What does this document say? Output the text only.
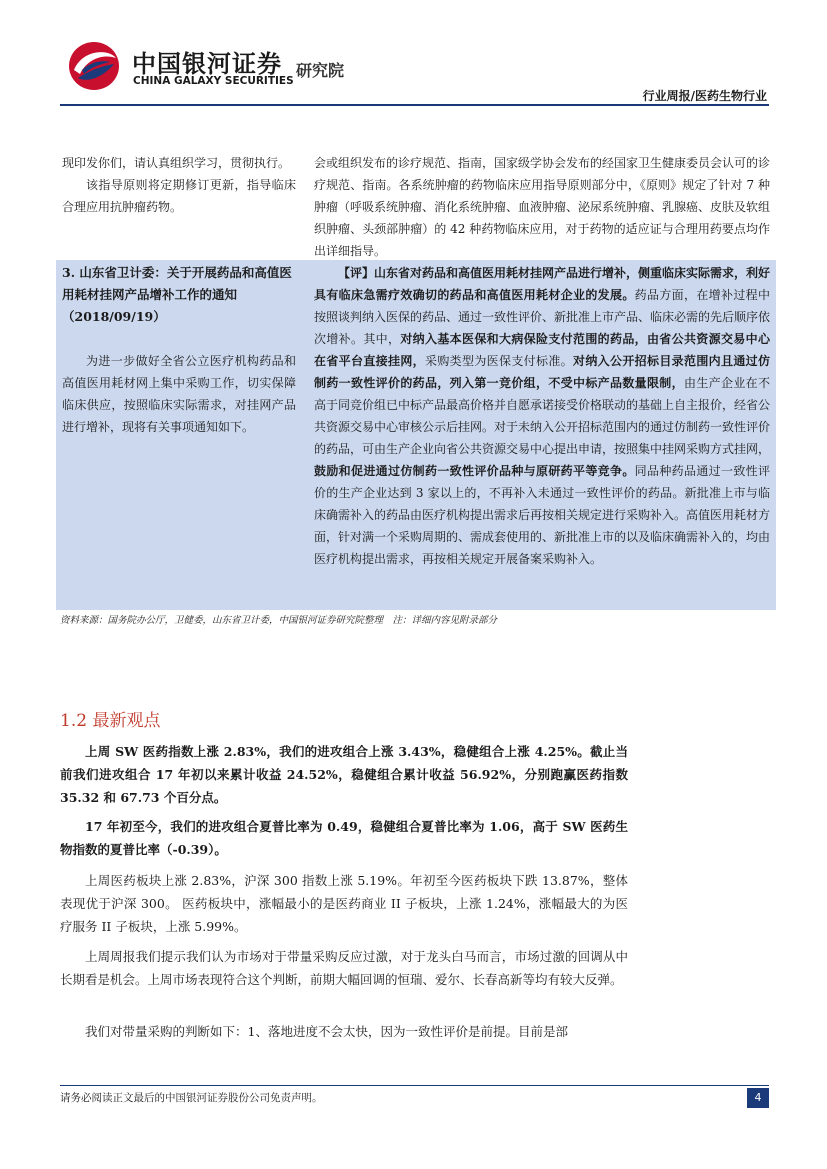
中国银河证券
CHINA GALAXY SECURITIES
研究院
行业周报/医药生物行业

现印发你们，请认真组织学习，贯彻执行。

该指导原则将定期修订更新，指导临床合理应用抗肿瘤药物。

会或组织发布的诊疗规范、指南，国家级学协会发布的经国家卫生健康委员会认可的诊疗规范、指南。各系统肿瘤的药物临床应用指导原则部分中，《原则》规定了针对 7 种肿瘤（呼吸系统肿瘤、消化系统肿瘤、血液肿瘤、泌尿系统肿瘤、乳腺癌、皮肤及软组织肿瘤、头颈部肿瘤）的 42 种药物临床应用，对于药物的适应证与合理用药要点均作出详细指导。

3. 山东省卫计委：关于开展药品和高值医用耗材挂网产品增补工作的通知（2018/09/19）

为进一步做好全省公立医疗机构药品和高值医用耗材网上集中采购工作，切实保障临床供应，按照临床实际需求，对挂网产品进行增补，现将有关事项通知如下。

【评】山东省对药品和高值医用耗材挂网产品进行增补，侧重临床实际需求，利好具有临床急需疗效确切的药品和高值医用耗材企业的发展。药品方面，在增补过程中按照谈判纳入医保的药品、通过一致性评价、新批准上市产品、临床必需的先后顺序依次增补。其中，对纳入基本医保和大病保险支付范围的药品，由省公共资源交易中心在省平台直接挂网，采购类型为医保支付标准。对纳入公开招标目录范围内且通过仿制药一致性评价的药品，列入第一竞价组，不受中标产品数量限制，由生产企业在不高于同竞价组已中标产品最高价格并自愿承诺接受价格联动的基础上自主报价，经省公共资源交易中心审核公示后挂网。对于未纳入公开招标范围内的通过仿制药一致性评价的药品，可由生产企业向省公共资源交易中心提出申请，按照集中挂网采购方式挂网，鼓励和促进通过仿制药一致性评价品种与原研药平等竞争。同品种药品通过一致性评价的生产企业达到 3 家以上的，不再补入未通过一致性评价的药品。新批准上市与临床确需补入的药品由医疗机构提出需求后再按相关规定进行采购补入。高值医用耗材方面，针对满一个采购周期的、需成套使用的、新批准上市的以及临床确需补入的，均由医疗机构提出需求，再按相关规定开展备案采购补入。

资料来源：国务院办公厅，卫健委，山东省卫计委，中国银河证券研究院整理　注：详细内容见附录部分
1.2 最新观点

上周 SW 医药指数上涨 2.83%，我们的进攻组合上涨 3.43%，稳健组合上涨 4.25%。截止当前我们进攻组合 17 年初以来累计收益 24.52%，稳健组合累计收益 56.92%，分别跑赢医药指数 35.32 和 67.73 个百分点。

17 年初至今，我们的进攻组合夏普比率为 0.49，稳健组合夏普比率为 1.06，高于 SW 医药生物指数的夏普比率（-0.39）。

上周医药板块上涨 2.83%，沪深 300 指数上涨 5.19%。年初至今医药板块下跌 13.87%，整体表现优于沪深 300。 医药板块中，涨幅最小的是医药商业 II 子板块，上涨 1.24%，涨幅最大的为医疗服务 II 子板块，上涨 5.99%。

上周周报我们提示我们认为市场对于带量采购反应过激，对于龙头白马而言，市场过激的回调从中长期看是机会。上周市场表现符合这个判断，前期大幅回调的恒瑞、爱尔、长春高新等均有较大反弹。

我们对带量采购的判断如下：1、落地进度不会太快，因为一致性评价是前提。目前是部

请务必阅读正文最后的中国银河证券股份公司免责声明。	4
